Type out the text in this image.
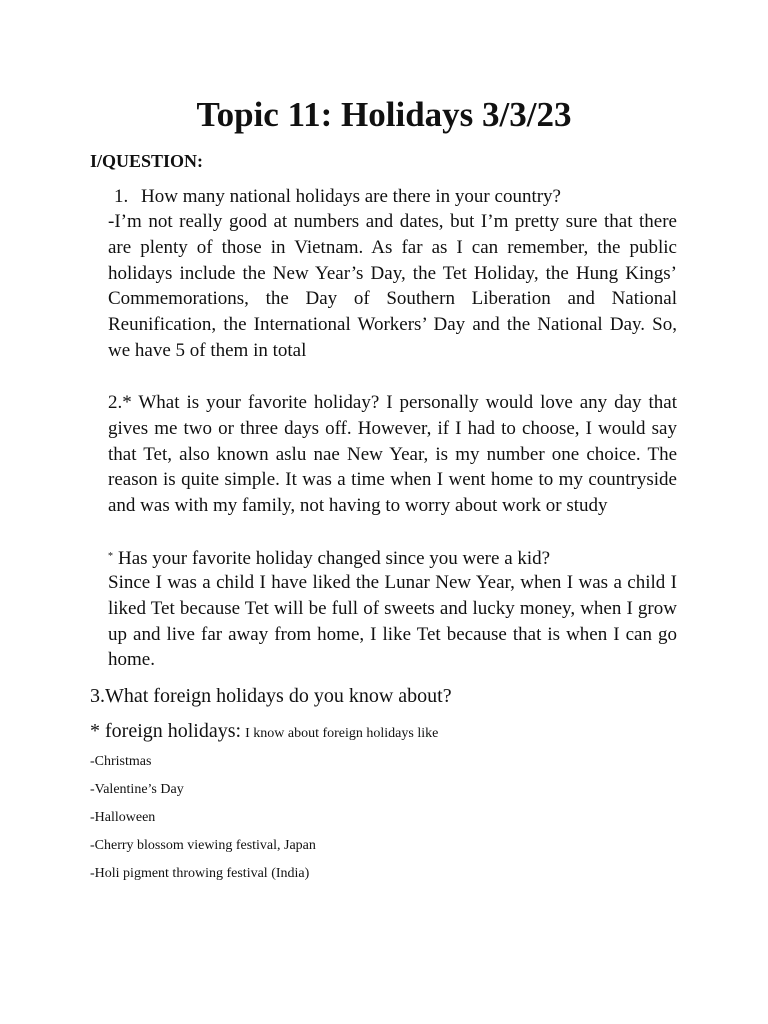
Topic 11: Holidays 3/3/23
I/QUESTION:
1. How many national holidays are there in your country?
-I’m not really good at numbers and dates, but I’m pretty sure that there are plenty of those in Vietnam. As far as I can remember, the public holidays include the New Year’s Day, the Tet Holiday, the Hung Kings’ Commemorations, the Day of Southern Liberation and National Reunification, the International Workers’ Day and the National Day. So, we have 5 of them in total
2.* What is your favorite holiday? I personally would love any day that gives me two or three days off. However, if I had to choose, I would say that Tet, also known aslu nae New Year, is my number one choice. The reason is quite simple. It was a time when I went home to my countryside and was with my family, not having to worry about work or study
* Has your favorite holiday changed since you were a kid?
Since I was a child I have liked the Lunar New Year, when I was a child I liked Tet because Tet will be full of sweets and lucky money, when I grow up and live far away from home, I like Tet because that is when I can go home.
3.What foreign holidays do you know about?
* foreign holidays: I know about foreign holidays like
-Christmas
-Valentine’s Day
-Halloween
-Cherry blossom viewing festival, Japan
-Holi pigment throwing festival (India)
